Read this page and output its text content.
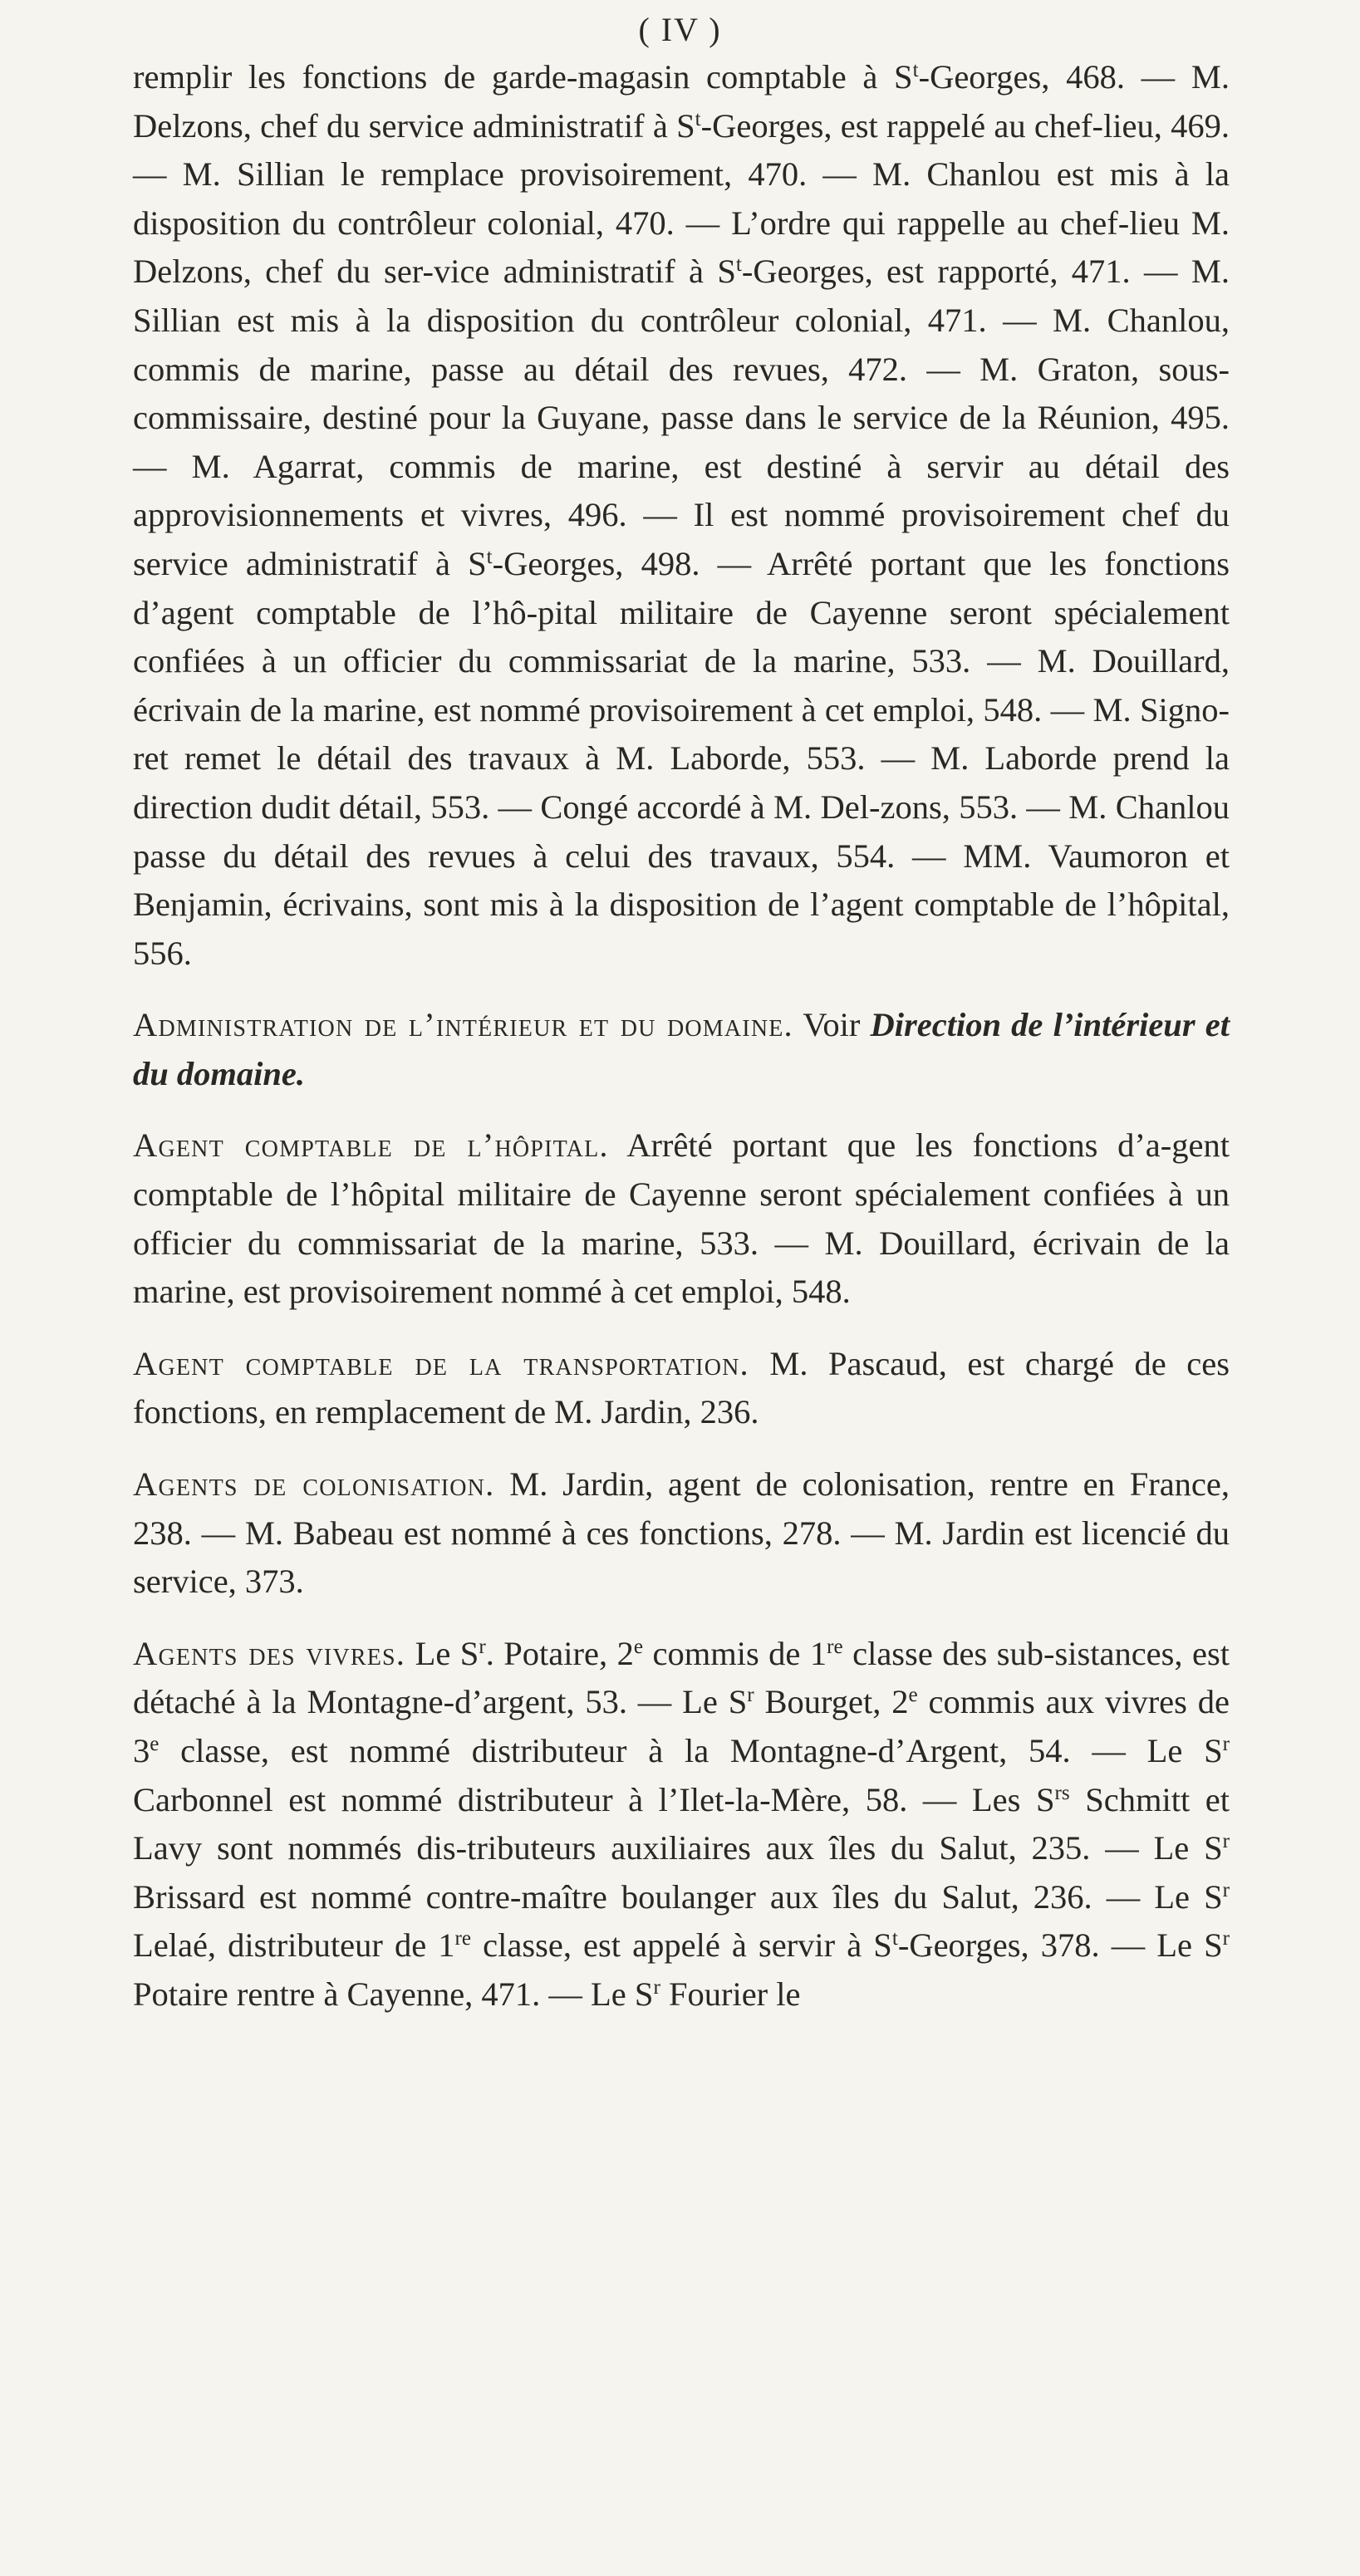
( IV )

remplir les fonctions de garde-magasin comptable à $S^t$-Georges, 468. — M. Delzons, chef du service administratif à $S^t$-Georges, est rappelé au chef-lieu, 469. — M. Sillian le remplace provisoirement, 470. — M. Chanlou est mis à la disposition du contrôleur colonial, 470. — L’ordre qui rappelle au chef-lieu M. Delzons, chef du ser-vice administratif à $S^t$-Georges, est rapporté, 471. — M. Sillian est mis à la disposition du contrôleur colonial, 471. — M. Chanlou, commis de marine, passe au détail des revues, 472. — M. Graton, sous-commissaire, destiné pour la Guyane, passe dans le service de la Réunion, 495. — M. Agarrat, commis de marine, est destiné à servir au détail des approvisionnements et vivres, 496. — Il est nommé provisoirement chef du service administratif à $S^t$-Georges, 498. — Arrêté portant que les fonctions d’agent comptable de l’hô-pital militaire de Cayenne seront spécialement confiées à un officier du commissariat de la marine, 533. — M. Douillard, écrivain de la marine, est nommé provisoirement à cet emploi, 548. — M. Signo-ret remet le détail des travaux à M. Laborde, 553. — M. Laborde prend la direction dudit détail, 553. — Congé accordé à M. Del-zons, 553. — M. Chanlou passe du détail des revues à celui des travaux, 554. — MM. Vaumoron et Benjamin, écrivains, sont mis à la disposition de l’agent comptable de l’hôpital, 556.

Administration de l’intérieur et du domaine. Voir Direction de l’intérieur et du domaine.

Agent comptable de l’hôpital. Arrêté portant que les fonctions d’a-gent comptable de l’hôpital militaire de Cayenne seront spécialement confiées à un officier du commissariat de la marine, 533. — M. Douillard, écrivain de la marine, est provisoirement nommé à cet emploi, 548.

Agent comptable de la transportation. M. Pascaud, est chargé de ces fonctions, en remplacement de M. Jardin, 236.

Agents de colonisation. M. Jardin, agent de colonisation, rentre en France, 238. — M. Babeau est nommé à ces fonctions, 278. — M. Jardin est licencié du service, 373.

Agents des vivres. Le $S^r$. Potaire, 2e commis de 1re classe des sub-sistances, est détaché à la Montagne-d’argent, 53. — Le $S^r$ Bourget, 2e commis aux vivres de 3e classe, est nommé distributeur à la Montagne-d’Argent, 54. — Le $S^r$ Carbonnel est nommé distributeur à l’Ilet-la-Mère, 58. — Les $S^{rs}$ Schmitt et Lavy sont nommés dis-tributeurs auxiliaires aux îles du Salut, 235. — Le $S^r$ Brissard est nommé contre-maître boulanger aux îles du Salut, 236. — Le $S^r$ Lelaé, distributeur de 1re classe, est appelé à servir à $S^t$-Georges, 378. — Le $S^r$ Potaire rentre à Cayenne, 471. — Le $S^r$ Fourier le
